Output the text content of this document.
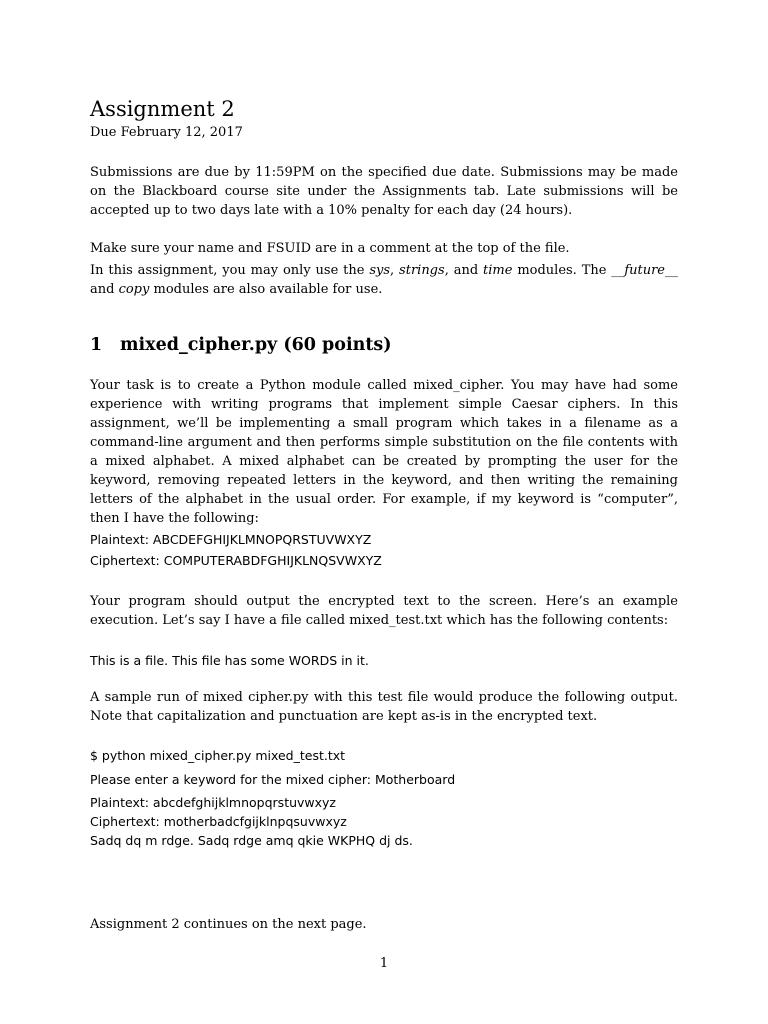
Assignment 2
Due February 12, 2017
Submissions are due by 11:59PM on the specified due date. Submissions may be made on the Blackboard course site under the Assignments tab. Late submissions will be accepted up to two days late with a 10% penalty for each day (24 hours).
Make sure your name and FSUID are in a comment at the top of the file.
In this assignment, you may only use the sys, strings, and time modules. The __future__ and copy modules are also available for use.
1 mixed_cipher.py (60 points)
Your task is to create a Python module called mixed_cipher. You may have had some experience with writing programs that implement simple Caesar ciphers. In this assignment, we’ll be implementing a small program which takes in a filename as a command-line argument and then performs simple substitution on the file contents with a mixed alphabet. A mixed alphabet can be created by prompting the user for the keyword, removing repeated letters in the keyword, and then writing the remaining letters of the alphabet in the usual order. For example, if my keyword is “computer”, then I have the following:
Plaintext: ABCDEFGHIJKLMNOPQRSTUVWXYZ
Ciphertext: COMPUTERABDFGHIJKLNQSVWXYZ
Your program should output the encrypted text to the screen. Here’s an example execution. Let’s say I have a file called mixed_test.txt which has the following contents:
This is a file. This file has some WORDS in it.
A sample run of mixed cipher.py with this test file would produce the following output. Note that capitalization and punctuation are kept as-is in the encrypted text.
$ python mixed_cipher.py mixed_test.txt
Please enter a keyword for the mixed cipher: Motherboard
Plaintext: abcdefghijklmnopqrstuvwxyz
Ciphertext: motherbadcfgijklnpqsuvwxyz
Sadq dq m rdge. Sadq rdge amq qkie WKPHQ dj ds.
Assignment 2 continues on the next page.
1
